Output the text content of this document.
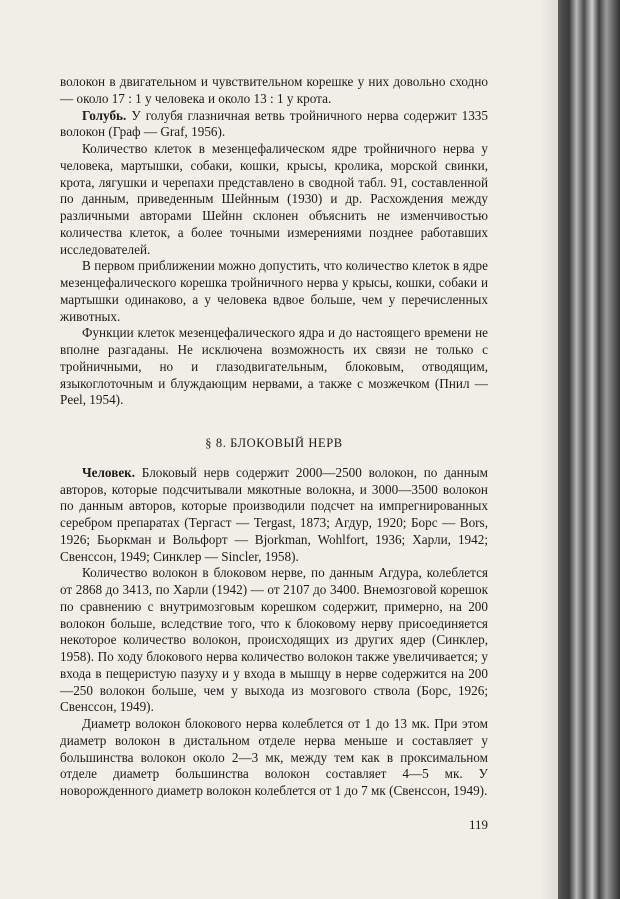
волокон в двигательном и чувствительном корешке у них довольно сходно — около 17 : 1 у человека и около 13 : 1 у крота.

Голубь. У голубя глазничная ветвь тройничного нерва содержит 1335 волокон (Граф — Graf, 1956).

Количество клеток в мезенцефалическом ядре тройничного нерва у человека, мартышки, собаки, кошки, крысы, кролика, морской свинки, крота, лягушки и черепахи представлено в сводной табл. 91, составленной по данным, приведенным Шейнным (1930) и др. Расхождения между различными авторами Шейнн склонен объяснить не изменчивостью количества клеток, а более точными измерениями позднее работавших исследователей.

В первом приближении можно допустить, что количество клеток в ядре мезенцефалического корешка тройничного нерва у крысы, кошки, собаки и мартышки одинаково, а у человека вдвое больше, чем у перечисленных животных.

Функции клеток мезенцефалического ядра и до настоящего времени не вполне разгаданы. Не исключена возможность их связи не только с тройничными, но и глазодвигательным, блоковым, отводящим, языкоглоточным и блуждающим нервами, а также с мозжечком (Пнил — Peel, 1954).

§ 8. БЛОКОВЫЙ НЕРВ

Человек. Блоковый нерв содержит 2000—2500 волокон, по данным авторов, которые подсчитывали мякотные волокна, и 3000—3500 волокон по данным авторов, которые производили подсчет на импрегнированных серебром препаратах (Тергаст — Tergast, 1873; Агдур, 1920; Борс — Bors, 1926; Бьоркман и Вольфорт — Bjorkman, Wohlfort, 1936; Харли, 1942; Свенссон, 1949; Синклер — Sincler, 1958).

Количество волокон в блоковом нерве, по данным Агдура, колеблется от 2868 до 3413, по Харли (1942) — от 2107 до 3400. Внемозговой корешок по сравнению с внутримозговым корешком содержит, примерно, на 200 волокон больше, вследствие того, что к блоковому нерву присоединяется некоторое количество волокон, происходящих из других ядер (Синклер, 1958). По ходу блокового нерва количество волокон также увеличивается; у входа в пещеристую пазуху и у входа в мышцу в нерве содержится на 200—250 волокон больше, чем у выхода из мозгового ствола (Борс, 1926; Свенссон, 1949).

Диаметр волокон блокового нерва колеблется от 1 до 13 мк. При этом диаметр волокон в дистальном отделе нерва меньше и составляет у большинства волокон около 2—3 мк, между тем как в проксимальном отделе диаметр большинства волокон составляет 4—5 мк. У новорожденного диаметр волокон колеблется от 1 до 7 мк (Свенссон, 1949).

119
